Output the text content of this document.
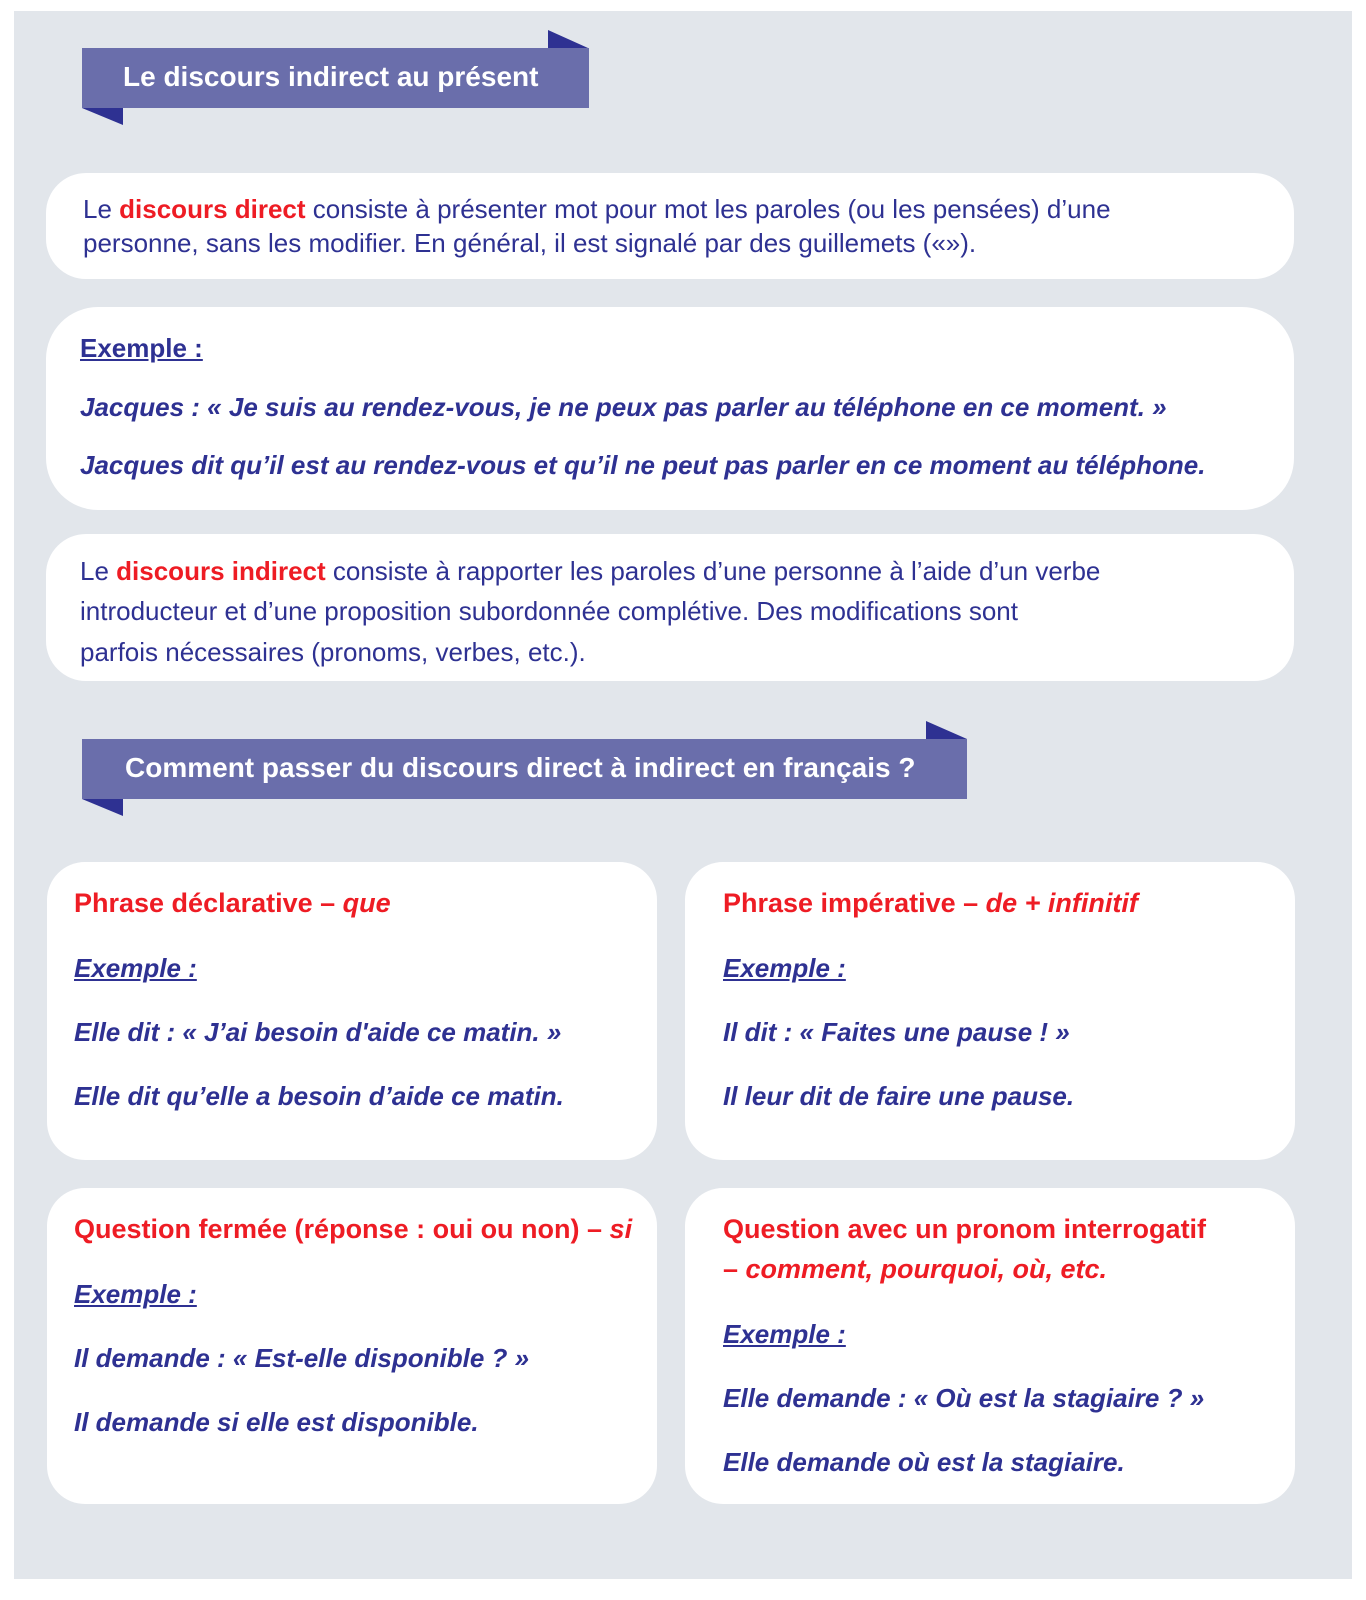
Le discours indirect au présent
Le discours direct consiste à présenter mot pour mot les paroles (ou les pensées) d’une
personne, sans les modifier. En général, il est signalé par des guillemets («»).
Exemple :
Jacques : « Je suis au rendez-vous, je ne peux pas parler au téléphone en ce moment. »
Jacques dit qu’il est au rendez-vous et qu’il ne peut pas parler en ce moment au téléphone.
Le discours indirect consiste à rapporter les paroles d’une personne à l’aide d’un verbe
introducteur et d’une proposition subordonnée complétive. Des modifications sont
parfois nécessaires (pronoms, verbes, etc.).
Comment passer du discours direct à indirect en français ?
Phrase déclarative – que
Exemple :
Elle dit : « J’ai besoin d'aide ce matin. »
Elle dit qu’elle a besoin d’aide ce matin.
Phrase impérative – de + infinitif
Exemple :
Il dit : « Faites une pause ! »
Il leur dit de faire une pause.
Question fermée (réponse : oui ou non) – si
Exemple :
Il demande : « Est-elle disponible ? »
Il demande si elle est disponible.
Question avec un pronom interrogatif
– comment, pourquoi, où, etc.
Exemple :
Elle demande : « Où est la stagiaire ? »
Elle demande où est la stagiaire.
